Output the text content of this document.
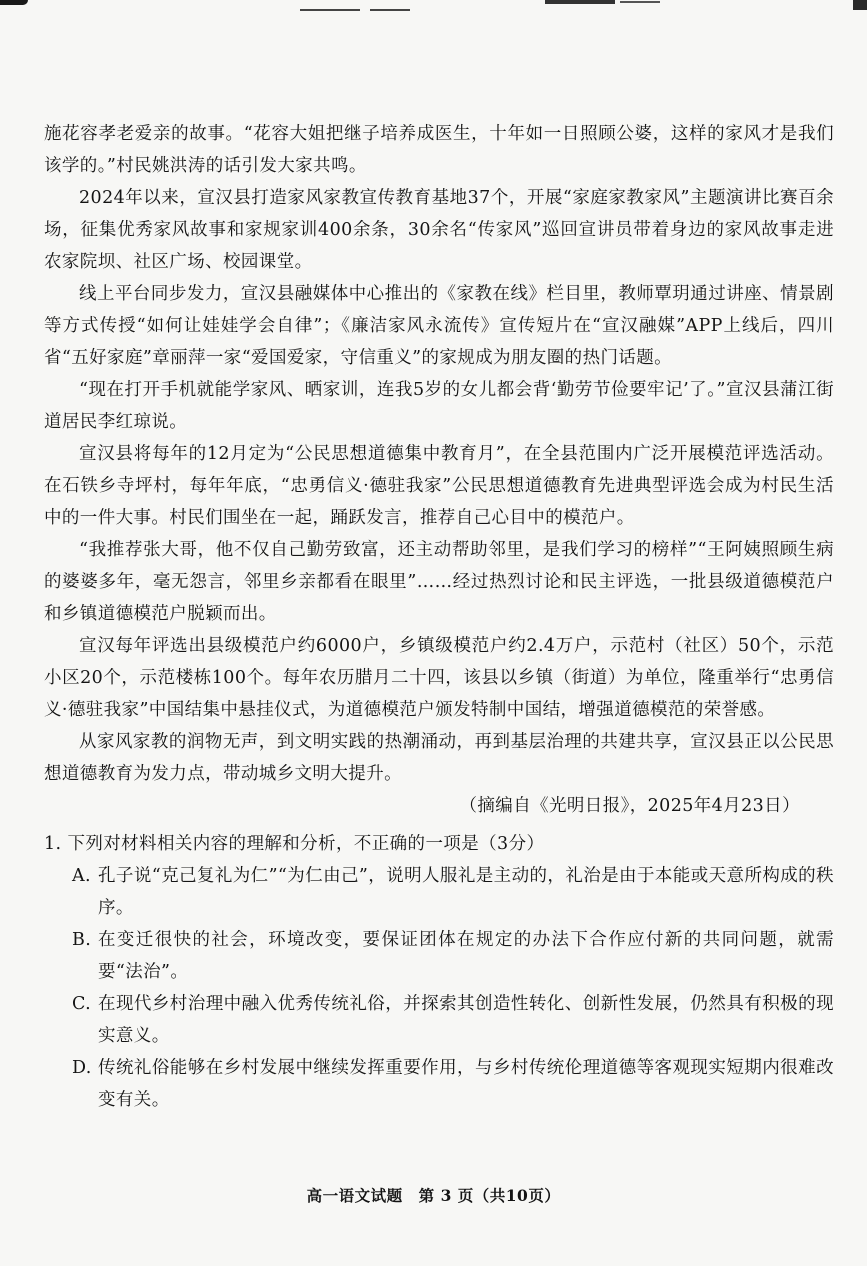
施花容孝老爱亲的故事。“花容大姐把继子培养成医生，十年如一日照顾公婆，这样的家风才是我们该学的。”村民姚洪涛的话引发大家共鸣。

2024年以来，宣汉县打造家风家教宣传教育基地37个，开展“家庭家教家风”主题演讲比赛百余场，征集优秀家风故事和家规家训400余条，30余名“传家风”巡回宣讲员带着身边的家风故事走进农家院坝、社区广场、校园课堂。

线上平台同步发力，宣汉县融媒体中心推出的《家教在线》栏目里，教师覃玥通过讲座、情景剧等方式传授“如何让娃娃学会自律”；《廉洁家风永流传》宣传短片在“宣汉融媒”APP上线后，四川省“五好家庭”章丽萍一家“爱国爱家，守信重义”的家规成为朋友圈的热门话题。

“现在打开手机就能学家风、晒家训，连我5岁的女儿都会背‘勤劳节俭要牢记’了。”宣汉县蒲江街道居民李红琼说。

宣汉县将每年的12月定为“公民思想道德集中教育月”，在全县范围内广泛开展模范评选活动。在石铁乡寺坪村，每年年底，“忠勇信义·德驻我家”公民思想道德教育先进典型评选会成为村民生活中的一件大事。村民们围坐在一起，踊跃发言，推荐自己心目中的模范户。

“我推荐张大哥，他不仅自己勤劳致富，还主动帮助邻里，是我们学习的榜样”“王阿姨照顾生病的婆婆多年，毫无怨言，邻里乡亲都看在眼里”……经过热烈讨论和民主评选，一批县级道德模范户和乡镇道德模范户脱颖而出。

宣汉每年评选出县级模范户约6000户，乡镇级模范户约2.4万户，示范村（社区）50个，示范小区20个，示范楼栋100个。每年农历腊月二十四，该县以乡镇（街道）为单位，隆重举行“忠勇信义·德驻我家”中国结集中悬挂仪式，为道德模范户颁发特制中国结，增强道德模范的荣誉感。

从家风家教的润物无声，到文明实践的热潮涌动，再到基层治理的共建共享，宣汉县正以公民思想道德教育为发力点，带动城乡文明大提升。

（摘编自《光明日报》，2025年4月23日）

1. 下列对材料相关内容的理解和分析，不正确的一项是（3分）

A. 孔子说“克己复礼为仁”“为仁由己”，说明人服礼是主动的，礼治是由于本能或天意所构成的秩序。
B. 在变迁很快的社会，环境改变，要保证团体在规定的办法下合作应付新的共同问题，就需要“法治”。
C. 在现代乡村治理中融入优秀传统礼俗，并探索其创造性转化、创新性发展，仍然具有积极的现实意义。
D. 传统礼俗能够在乡村发展中继续发挥重要作用，与乡村传统伦理道德等客观现实短期内很难改变有关。
高一语文试题　第 3 页（共10页）
